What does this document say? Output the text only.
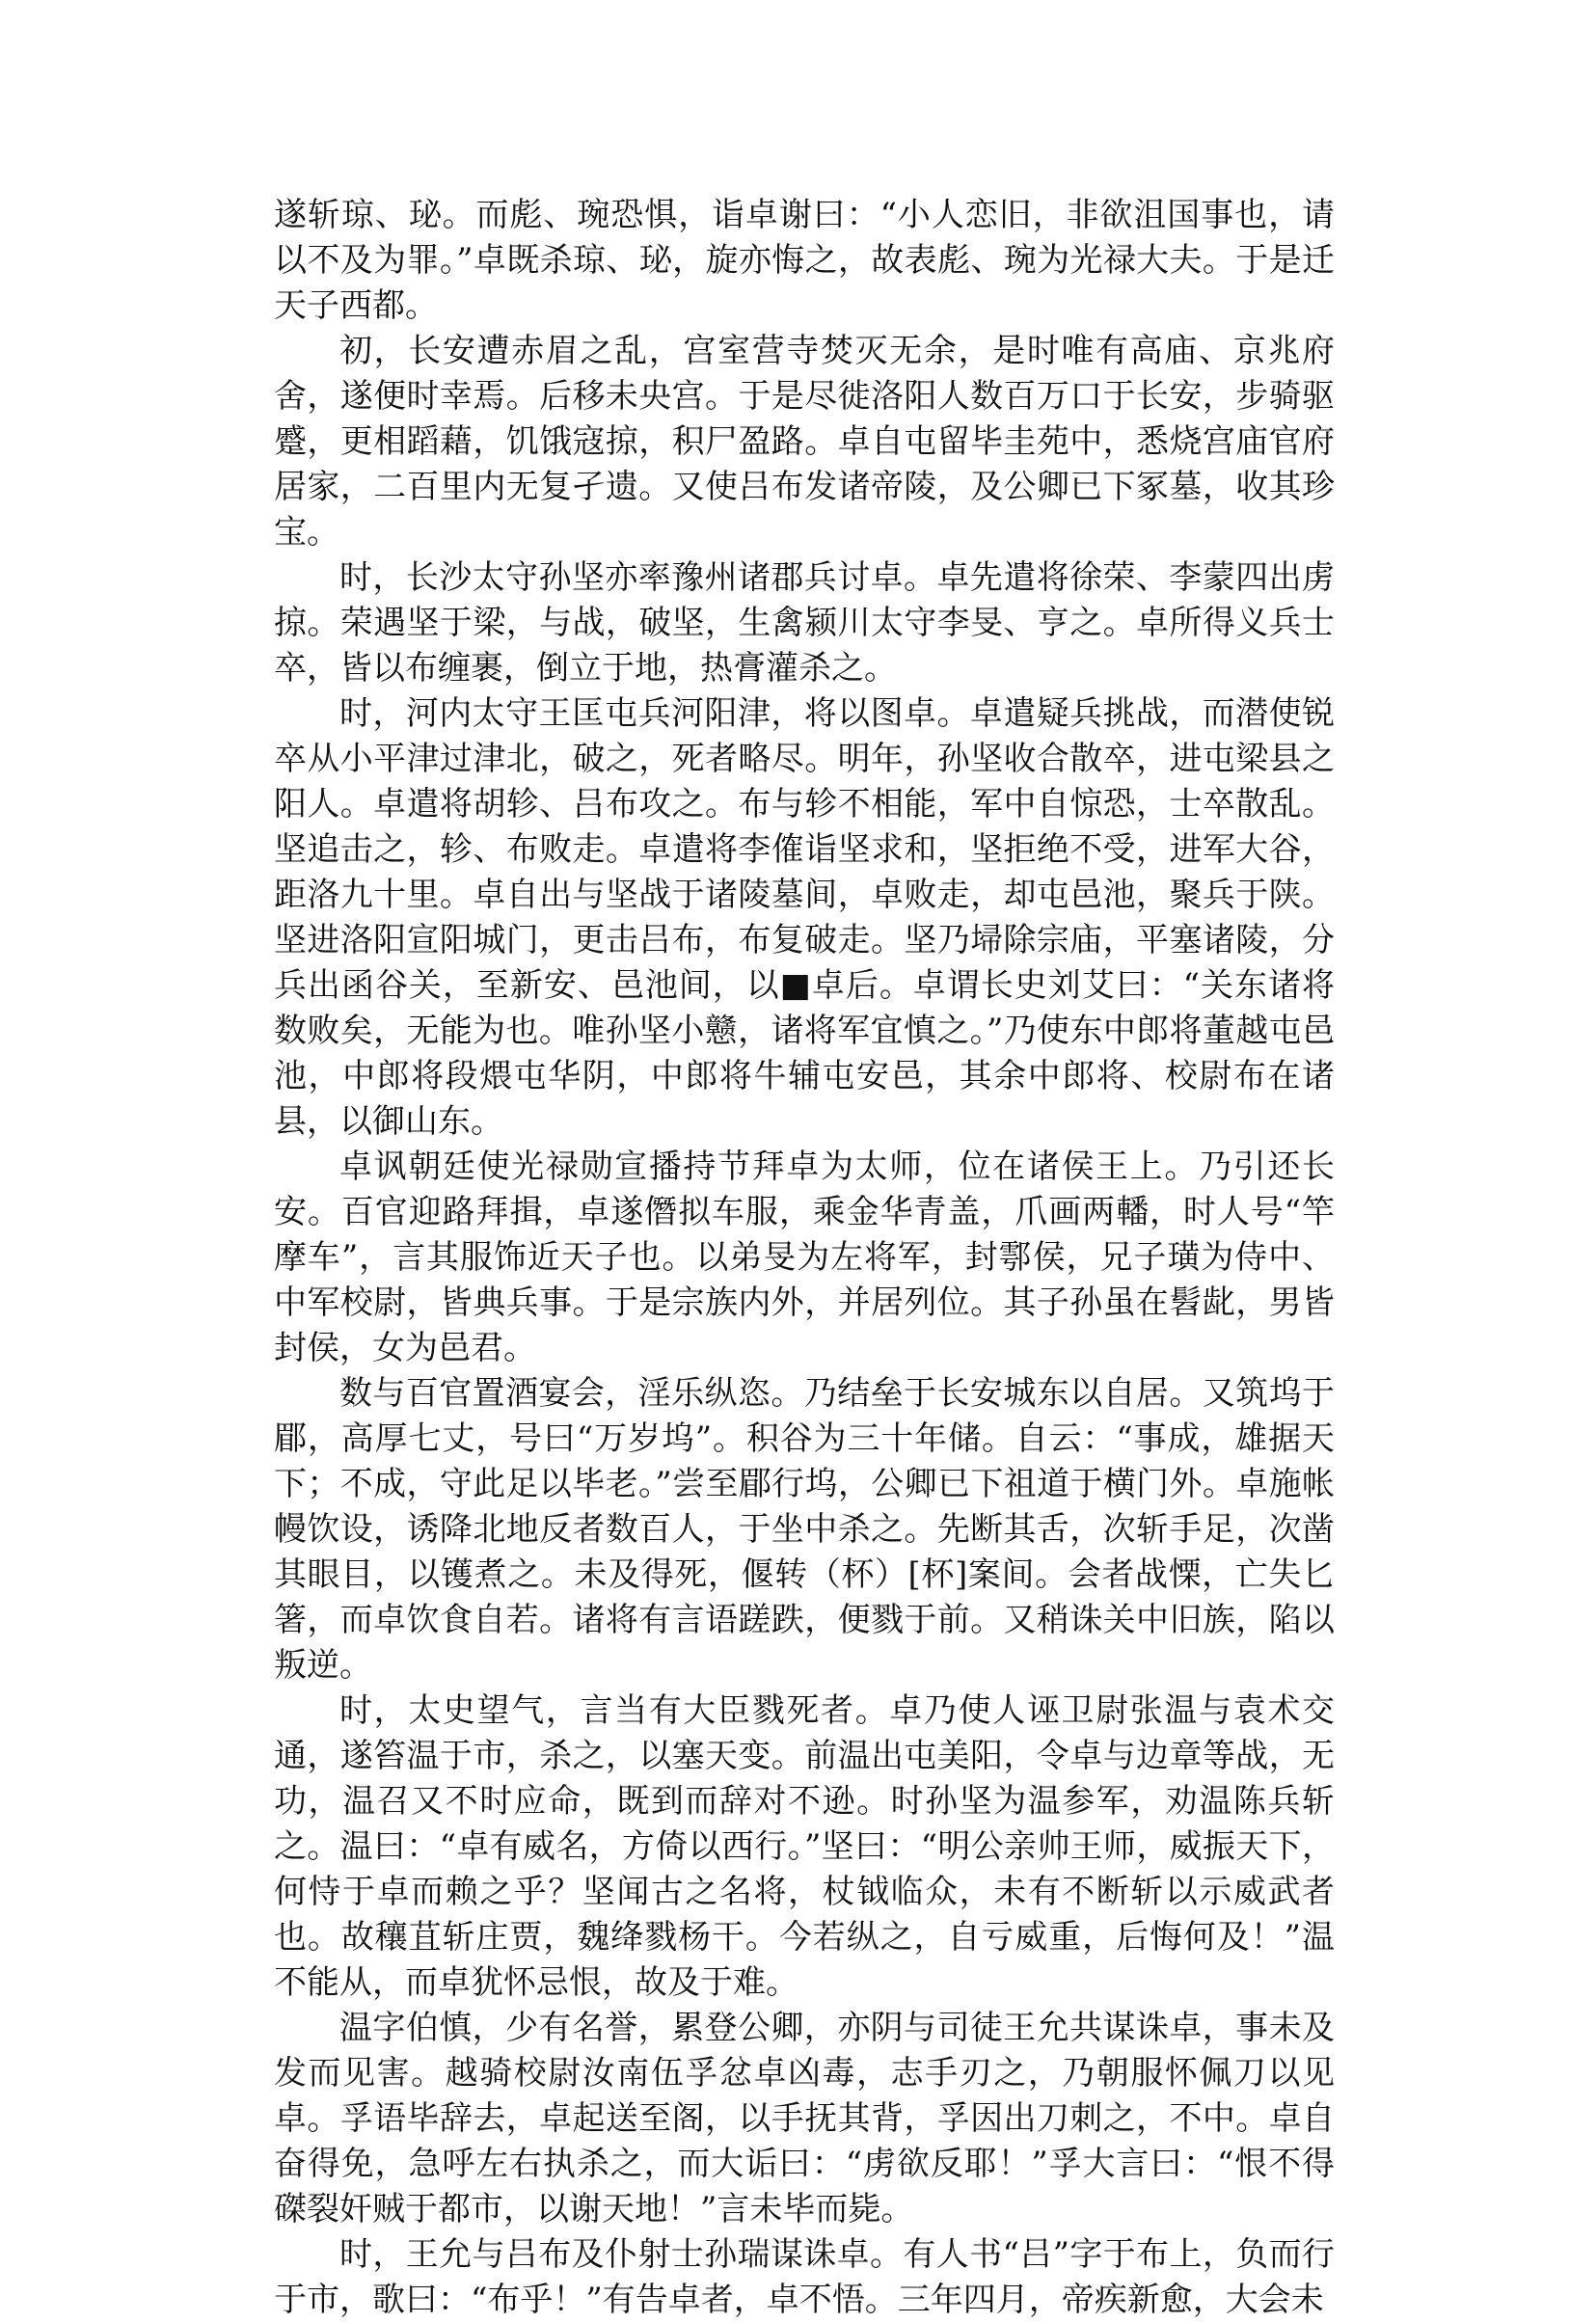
遂斩琼、珌。而彪、琬恐惧，诣卓谢曰：“小人恋旧，非欲沮国事也，请以不及为罪。”卓既杀琼、珌，旋亦悔之，故表彪、琬为光禄大夫。于是迁天子西都。

初，长安遭赤眉之乱，宫室营寺焚灭无余，是时唯有高庙、京兆府舍，遂便时幸焉。后移未央宫。于是尽徙洛阳人数百万口于长安，步骑驱蹙，更相蹈藉，饥饿寇掠，积尸盈路。卓自屯留毕圭苑中，悉烧宫庙官府居家，二百里内无复孑遗。又使吕布发诸帝陵，及公卿已下冢墓，收其珍宝。

时，长沙太守孙坚亦率豫州诸郡兵讨卓。卓先遣将徐荣、李蒙四出虏掠。荣遇坚于梁，与战，破坚，生禽颍川太守李旻、亨之。卓所得义兵士卒，皆以布缠裹，倒立于地，热膏灌杀之。

时，河内太守王匡屯兵河阳津，将以图卓。卓遣疑兵挑战，而潜使锐卒从小平津过津北，破之，死者略尽。明年，孙坚收合散卒，进屯梁县之阳人。卓遣将胡轸、吕布攻之。布与轸不相能，军中自惊恐，士卒散乱。坚追击之，轸、布败走。卓遣将李傕诣坚求和，坚拒绝不受，进军大谷，距洛九十里。卓自出与坚战于诸陵墓间，卓败走，却屯邑池，聚兵于陕。坚进洛阳宣阳城门，更击吕布，布复破走。坚乃埽除宗庙，平塞诸陵，分兵出函谷关，至新安、邑池间，以■卓后。卓谓长史刘艾曰：“关东诸将数败矣，无能为也。唯孙坚小戆，诸将军宜慎之。”乃使东中郎将董越屯邑池，中郎将段煨屯华阴，中郎将牛辅屯安邑，其余中郎将、校尉布在诸县，以御山东。

卓讽朝廷使光禄勋宣播持节拜卓为太师，位在诸侯王上。乃引还长安。百官迎路拜揖，卓遂僭拟车服，乘金华青盖，爪画两轓，时人号“竿摩车”，言其服饰近天子也。以弟旻为左将军，封鄠侯，兄子璜为侍中、中军校尉，皆典兵事。于是宗族内外，并居列位。其子孙虽在髫龀，男皆封侯，女为邑君。

数与百官置酒宴会，淫乐纵恣。乃结垒于长安城东以自居。又筑坞于郿，高厚七丈，号曰“万岁坞”。积谷为三十年储。自云：“事成，雄据天下；不成，守此足以毕老。”尝至郿行坞，公卿已下祖道于横门外。卓施帐幔饮设，诱降北地反者数百人，于坐中杀之。先断其舌，次斩手足，次凿其眼目，以镬煮之。未及得死，偃转（杯）[杯]案间。会者战慄，亡失匕箸，而卓饮食自若。诸将有言语蹉跌，便戮于前。又稍诛关中旧族，陷以叛逆。

时，太史望气，言当有大臣戮死者。卓乃使人诬卫尉张温与袁术交通，遂笞温于市，杀之，以塞天变。前温出屯美阳，令卓与边章等战，无功，温召又不时应命，既到而辞对不逊。时孙坚为温参军，劝温陈兵斩之。温曰：“卓有威名，方倚以西行。”坚曰：“明公亲帅王师，威振天下，何恃于卓而赖之乎？坚闻古之名将，杖钺临众，未有不断斩以示威武者也。故穰苴斩庄贾，魏绛戮杨干。今若纵之，自亏威重，后悔何及！”温不能从，而卓犹怀忌恨，故及于难。

温字伯慎，少有名誉，累登公卿，亦阴与司徒王允共谋诛卓，事未及发而见害。越骑校尉汝南伍孚忿卓凶毒，志手刃之，乃朝服怀佩刀以见卓。孚语毕辞去，卓起送至阁，以手抚其背，孚因出刀刺之，不中。卓自奋得免，急呼左右执杀之，而大诟曰：“虏欲反耶！”孚大言曰：“恨不得磔裂奸贼于都市，以谢天地！”言未毕而毙。

时，王允与吕布及仆射士孙瑞谋诛卓。有人书“吕”字于布上，负而行于市，歌曰：“布乎！”有告卓者，卓不悟。三年四月，帝疾新愈，大会未
